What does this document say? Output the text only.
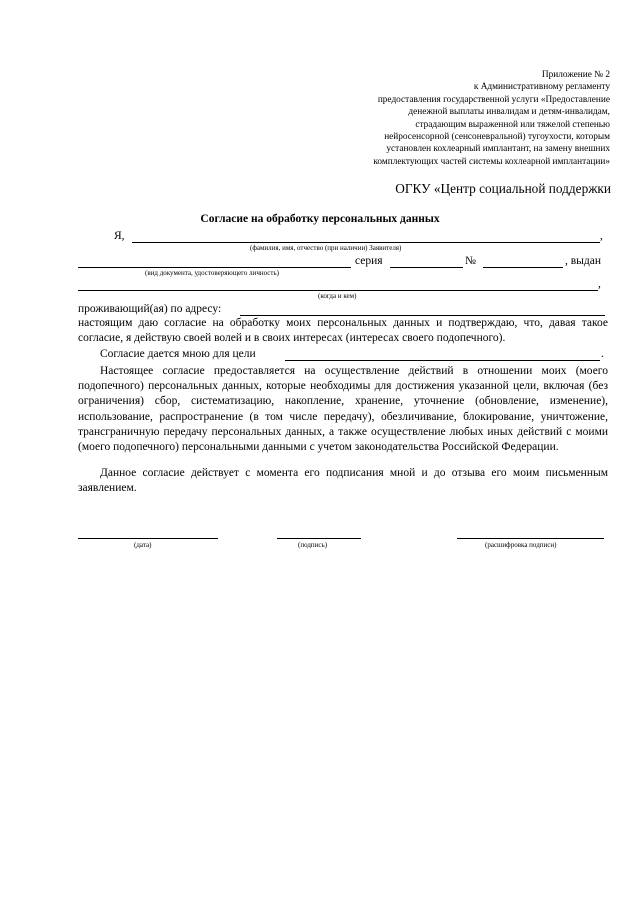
Приложение № 2
к Административному регламенту
предоставления государственной услуги «Предоставление
денежной выплаты инвалидам и детям-инвалидам,
страдающим выраженной или тяжелой степенью
нейросенсорной (сенсоневральной) тугоухости, которым
установлен кохлеарный имплантант, на замену внешних
комплектующих частей системы кохлеарной имплантации»
ОГКУ «Центр социальной поддержки
Согласие на обработку персональных данных
Я,	,
(фамилия, имя, отчество (при наличии) Заявителя)
серия	№	, выдан
(вид документа, удостоверяющего личность)
,
(когда и кем)
проживающий(ая) по адресу:
настоящим даю согласие на обработку моих персональных данных и подтверждаю, что, давая такое согласие, я действую своей волей и в своих интересах (интересах своего подопечного).
Согласие дается мною для цели	.
Настоящее согласие предоставляется на осуществление действий в отношении моих (моего подопечного) персональных данных, которые необходимы для достижения указанной цели, включая (без ограничения) сбор, систематизацию, накопление, хранение, уточнение (обновление, изменение), использование, распространение (в том числе передачу), обезличивание, блокирование, уничтожение, трансграничную передачу персональных данных, а также осуществление любых иных действий с моими (моего подопечного) персональными данными с учетом законодательства Российской Федерации.
Данное согласие действует с момента его подписания мной и до отзыва его моим письменным заявлением.
(дата)	(подпись)	(расшифровка подписи)
